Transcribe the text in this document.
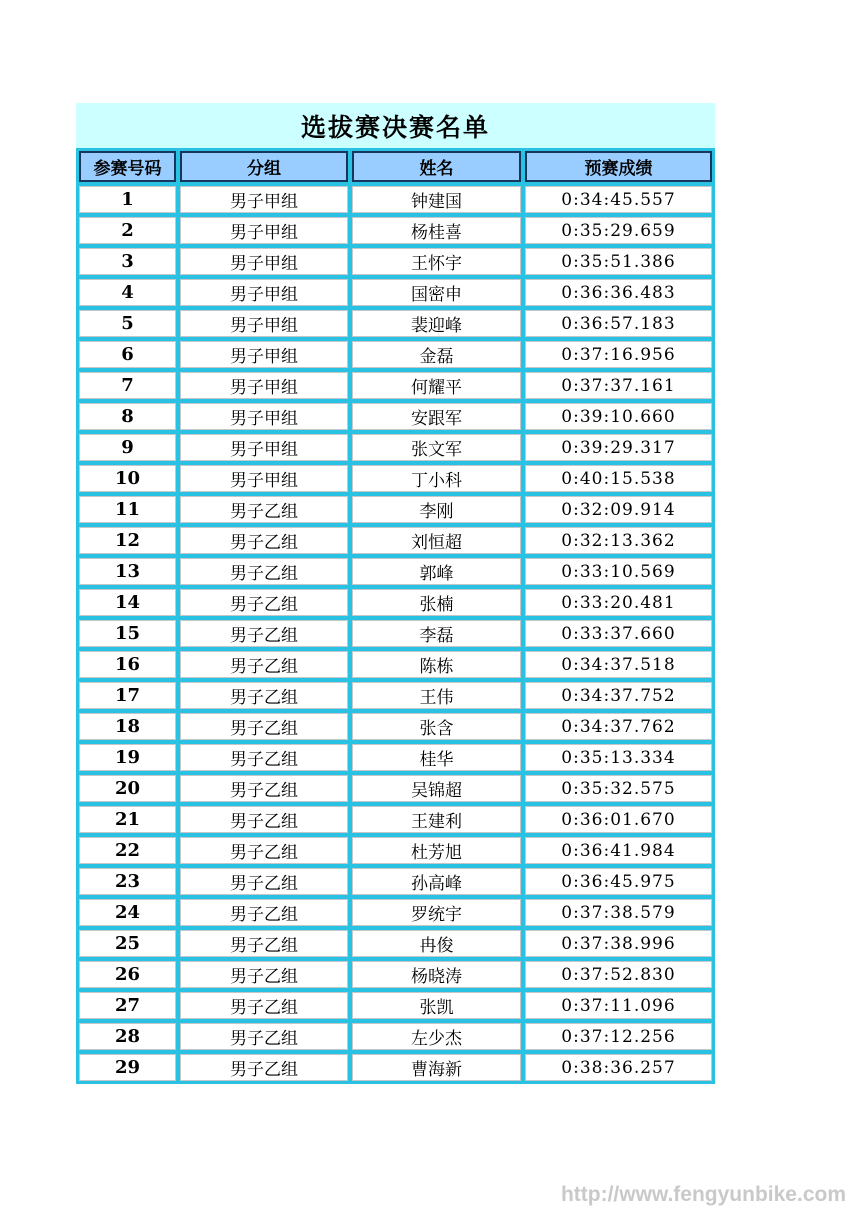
选拔赛决赛名单
参赛号码	分组	姓名	预赛成绩
1	男子甲组	钟建国	0:34:45.557
2	男子甲组	杨桂喜	0:35:29.659
3	男子甲组	王怀宇	0:35:51.386
4	男子甲组	国密申	0:36:36.483
5	男子甲组	裴迎峰	0:36:57.183
6	男子甲组	金磊	0:37:16.956
7	男子甲组	何耀平	0:37:37.161
8	男子甲组	安跟军	0:39:10.660
9	男子甲组	张文军	0:39:29.317
10	男子甲组	丁小科	0:40:15.538
11	男子乙组	李刚	0:32:09.914
12	男子乙组	刘恒超	0:32:13.362
13	男子乙组	郭峰	0:33:10.569
14	男子乙组	张楠	0:33:20.481
15	男子乙组	李磊	0:33:37.660
16	男子乙组	陈栋	0:34:37.518
17	男子乙组	王伟	0:34:37.752
18	男子乙组	张含	0:34:37.762
19	男子乙组	桂华	0:35:13.334
20	男子乙组	吴锦超	0:35:32.575
21	男子乙组	王建利	0:36:01.670
22	男子乙组	杜芳旭	0:36:41.984
23	男子乙组	孙高峰	0:36:45.975
24	男子乙组	罗统宇	0:37:38.579
25	男子乙组	冉俊	0:37:38.996
26	男子乙组	杨晓涛	0:37:52.830
27	男子乙组	张凯	0:37:11.096
28	男子乙组	左少杰	0:37:12.256
29	男子乙组	曹海新	0:38:36.257
http://www.fengyunbike.com
